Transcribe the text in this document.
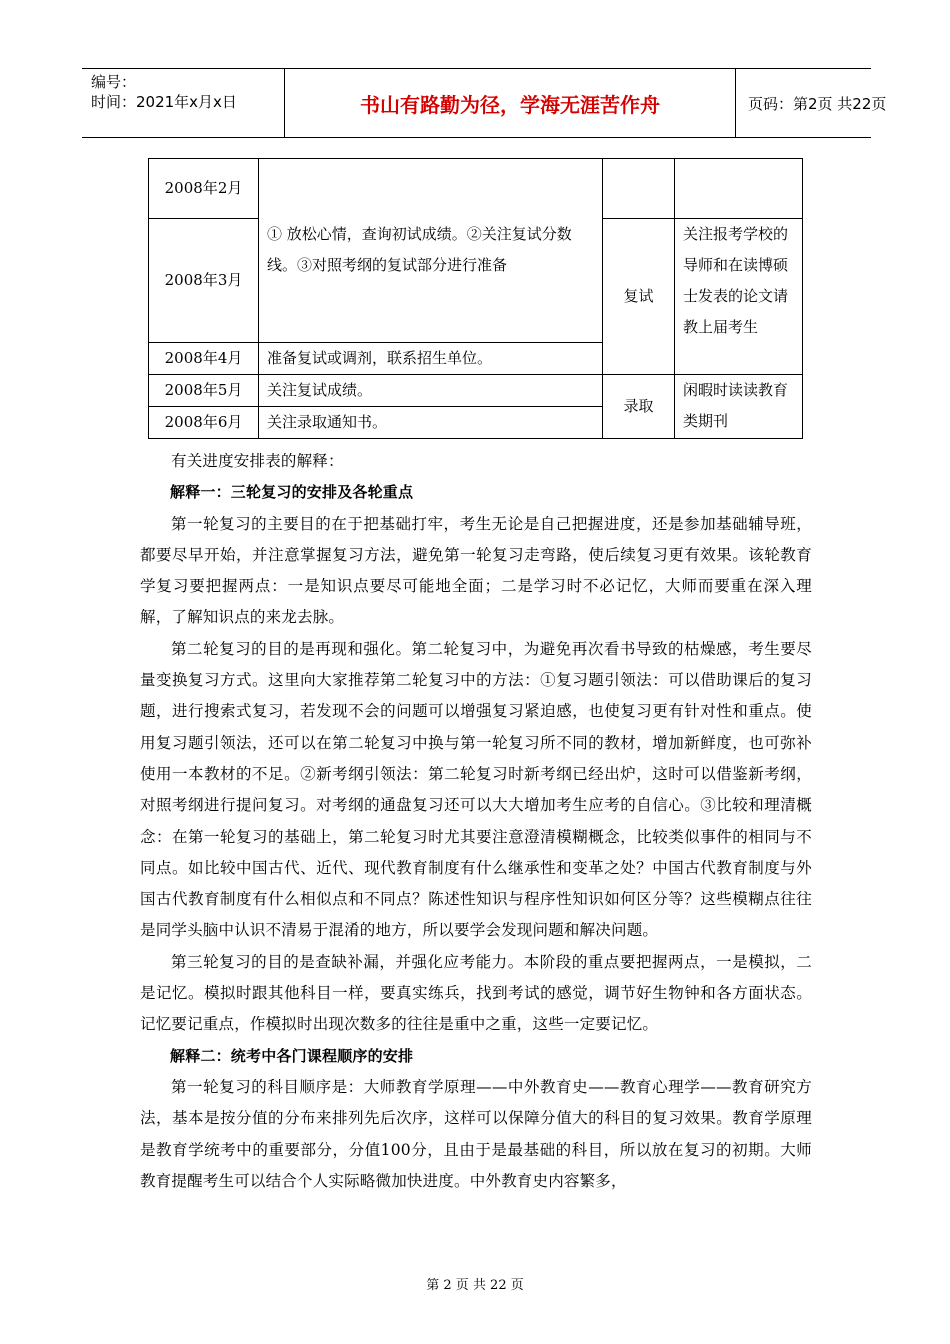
编号：
时间：2021年x月x日	书山有路勤为径，学海无涯苦作舟	页码：第2页 共22页
2008年2月	① 放松心情，查询初试成绩。②关注复试分数线。③对照考纲的复试部分进行准备		
2008年3月		复试	关注报考学校的导师和在读博硕士发表的论文请教上届考生
2008年4月	准备复试或调剂，联系招生单位。		
2008年5月	关注复试成绩。	录取	闲暇时读读教育类期刊
2008年6月	关注录取通知书。		

有关进度安排表的解释：

解释一：三轮复习的安排及各轮重点

第一轮复习的主要目的在于把基础打牢，考生无论是自己把握进度，还是参加基础辅导班，都要尽早开始，并注意掌握复习方法，避免第一轮复习走弯路，使后续复习更有效果。该轮教育学复习要把握两点：一是知识点要尽可能地全面；二是学习时不必记忆，大师而要重在深入理解，了解知识点的来龙去脉。

第二轮复习的目的是再现和强化。第二轮复习中，为避免再次看书导致的枯燥感，考生要尽量变换复习方式。这里向大家推荐第二轮复习中的方法：①复习题引领法：可以借助课后的复习题，进行搜索式复习，若发现不会的问题可以增强复习紧迫感，也使复习更有针对性和重点。使用复习题引领法，还可以在第二轮复习中换与第一轮复习所不同的教材，增加新鲜度，也可弥补使用一本教材的不足。②新考纲引领法：第二轮复习时新考纲已经出炉，这时可以借鉴新考纲，对照考纲进行提问复习。对考纲的通盘复习还可以大大增加考生应考的自信心。③比较和理清概念：在第一轮复习的基础上，第二轮复习时尤其要注意澄清模糊概念，比较类似事件的相同与不同点。如比较中国古代、近代、现代教育制度有什么继承性和变革之处？中国古代教育制度与外国古代教育制度有什么相似点和不同点？陈述性知识与程序性知识如何区分等？这些模糊点往往是同学头脑中认识不清易于混淆的地方，所以要学会发现问题和解决问题。

第三轮复习的目的是查缺补漏，并强化应考能力。本阶段的重点要把握两点，一是模拟，二是记忆。模拟时跟其他科目一样，要真实练兵，找到考试的感觉，调节好生物钟和各方面状态。记忆要记重点，作模拟时出现次数多的往往是重中之重，这些一定要记忆。

解释二：统考中各门课程顺序的安排

第一轮复习的科目顺序是：大师教育学原理——中外教育史——教育心理学——教育研究方法，基本是按分值的分布来排列先后次序，这样可以保障分值大的科目的复习效果。教育学原理是教育学统考中的重要部分，分值100分，且由于是最基础的科目，所以放在复习的初期。大师教育提醒考生可以结合个人实际略微加快进度。中外教育史内容繁多，

第 2 页 共 22 页
